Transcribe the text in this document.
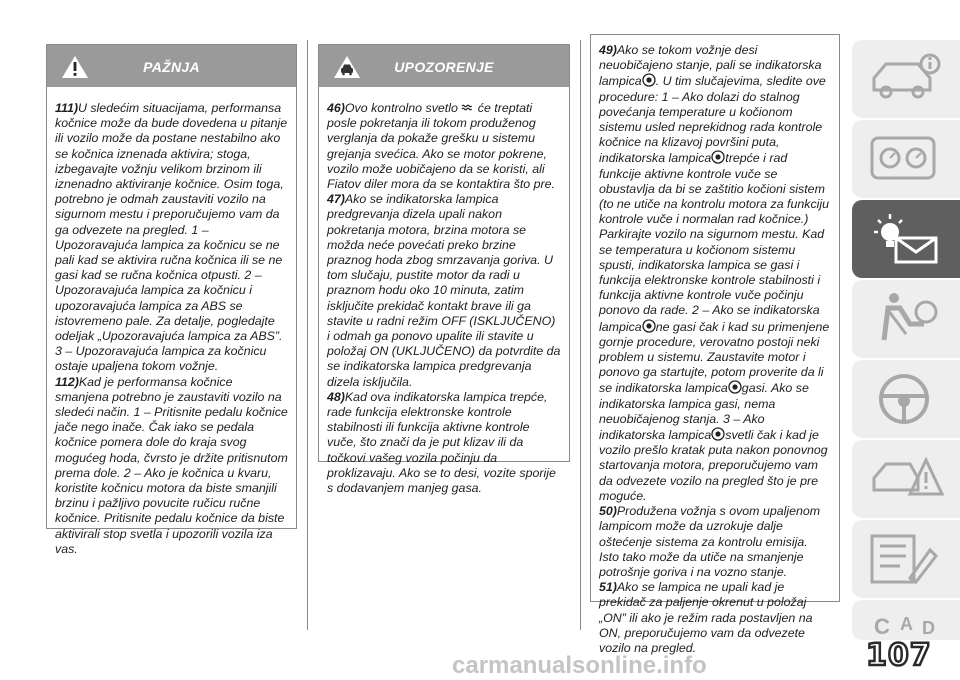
PAŽNJA

111)U sledećim situacijama, performansa kočnice može da bude dovedena u pitanje ili vozilo može da postane nestabilno ako se kočnica iznenada aktivira; stoga, izbegavajte vožnju velikom brzinom ili iznenadno aktiviranje kočnice. Osim toga, potrebno je odmah zaustaviti vozilo na sigurnom mestu i preporučujemo vam da ga odvezete na pregled. 1 – Upozoravajuća lampica za kočnicu se ne pali kad se aktivira ručna kočnica ili se ne gasi kad se ručna kočnica otpusti. 2 – Upozoravajuća lampica za kočnicu i upozoravajuća lampica za ABS se istovremeno pale. Za detalje, pogledajte odeljak „Upozoravajuća lampica za ABS”. 3 – Upozoravajuća lampica za kočnicu ostaje upaljena tokom vožnje.

112)Kad je performansa kočnice smanjena potrebno je zaustaviti vozilo na sledeći način. 1 – Pritisnite pedalu kočnice jače nego inače. Čak iako se pedala kočnice pomera dole do kraja svog mogućeg hoda, čvrsto je držite pritisnutom prema dole. 2 – Ako je kočnica u kvaru, koristite kočnicu motora da biste smanjili brzinu i pažljivo povucite ručicu ručne kočnice. Pritisnite pedalu kočnice da biste aktivirali stop svetla i upozorili vozila iza vas.

UPOZORENJE

46)Ovo kontrolno svetlo će treptati posle pokretanja ili tokom produženog verglanja da pokaže grešku u sistemu grejanja svećica. Ako se motor pokrene, vozilo može uobičajeno da se koristi, ali Fiatov diler mora da se kontaktira što pre.

47)Ako se indikatorska lampica predgrevanja dizela upali nakon pokretanja motora, brzina motora se možda neće povećati preko brzine praznog hoda zbog smrzavanja goriva. U tom slučaju, pustite motor da radi u praznom hodu oko 10 minuta, zatim isključite prekidač kontakt brave ili ga stavite u radni režim OFF (ISKLJUČENO) i odmah ga ponovo upalite ili stavite u položaj ON (UKLJUČENO) da potvrdite da se indikatorska lampica predgrevanja dizela isključila.

48)Kad ova indikatorska lampica trepće, rade funkcija elektronske kontrole stabilnosti ili funkcija aktivne kontrole vuče, što znači da je put klizav ili da točkovi vašeg vozila počinju da proklizavaju. Ako se to desi, vozite sporije s dodavanjem manjeg gasa.

49)Ako se tokom vožnje desi neuobičajeno stanje, pali se indikatorska lampica . U tim slučajevima, sledite ove procedure: 1 – Ako dolazi do stalnog povećanja temperature u kočionom sistemu usled neprekidnog rada kontrole kočnice na klizavoj površini puta, indikatorska lampica trepće i rad funkcije aktivne kontrole vuče se obustavlja da bi se zaštitio kočioni sistem (to ne utiče na kontrolu motora za funkciju kontrole vuče i normalan rad kočnice.) Parkirajte vozilo na sigurnom mestu. Kad se temperatura u kočionom sistemu spusti, indikatorska lampica se gasi i funkcija elektronske kontrole stabilnosti i funkcija aktivne kontrole vuče počinju ponovo da rade. 2 – Ako se indikatorska lampica ne gasi čak i kad su primenjene gornje procedure, verovatno postoji neki problem u sistemu. Zaustavite motor i ponovo ga startujte, potom proverite da li se indikatorska lampica gasi. Ako se indikatorska lampica gasi, nema neuobičajenog stanja. 3 – Ako indikatorska lampica svetli čak i kad je vozilo prešlo kratak puta nakon ponovnog startovanja motora, preporučujemo vam da odvezete vozilo na pregled što je pre moguće.

50)Produžena vožnja s ovom upaljenom lampicom može da uzrokuje dalje oštećenje sistema za kontrolu emisija. Isto tako može da utiče na smanjenje potrošnje goriva i na vozno stanje.

51)Ako se lampica ne upali kad je prekidač za paljenje okrenut u položaj „ON” ili ako je režim rada postavljen na ON, preporučujemo vam da odvezete vozilo na pregled.

C A D
107
carmanualsonline.info
